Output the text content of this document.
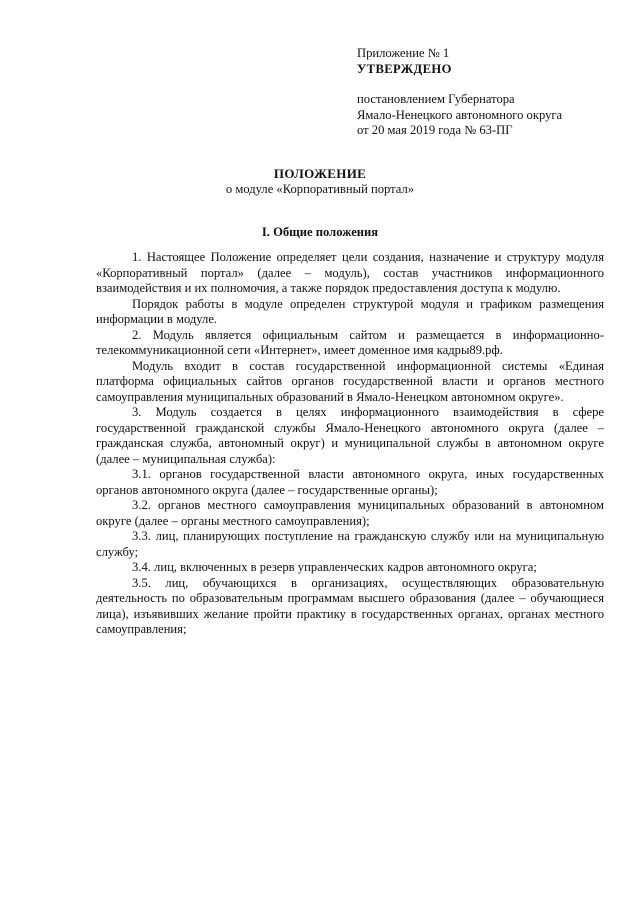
Приложение № 1
УТВЕРЖДЕНО
постановлением Губернатора
Ямало-Ненецкого автономного округа
от 20 мая 2019 года № 63-ПГ
ПОЛОЖЕНИЕ
о модуле «Корпоративный портал»
I. Общие положения

1. Настоящее Положение определяет цели создания, назначение и структуру модуля «Корпоративный портал» (далее – модуль), состав участников информационного взаимодействия и их полномочия, а также порядок предоставления доступа к модулю.

Порядок работы в модуле определен структурой модуля и графиком размещения информации в модуле.

2. Модуль является официальным сайтом и размещается в информационно-телекоммуникационной сети «Интернет», имеет доменное имя кадры89.рф.

Модуль входит в состав государственной информационной системы «Единая платформа официальных сайтов органов государственной власти и органов местного самоуправления муниципальных образований в Ямало-Ненецком автономном округе».

3. Модуль создается в целях информационного взаимодействия в сфере государственной гражданской службы Ямало-Ненецкого автономного округа (далее – гражданская служба, автономный округ) и муниципальной службы в автономном округе (далее – муниципальная служба):

3.1. органов государственной власти автономного округа, иных государственных органов автономного округа (далее – государственные органы);

3.2. органов местного самоуправления муниципальных образований в автономном округе (далее – органы местного самоуправления);

3.3. лиц, планирующих поступление на гражданскую службу или на муниципальную службу;

3.4. лиц, включенных в резерв управленческих кадров автономного округа;

3.5. лиц, обучающихся в организациях, осуществляющих образовательную деятельность по образовательным программам высшего образования (далее – обучающиеся лица), изъявивших желание пройти практику в государственных органах, органах местного самоуправления;
